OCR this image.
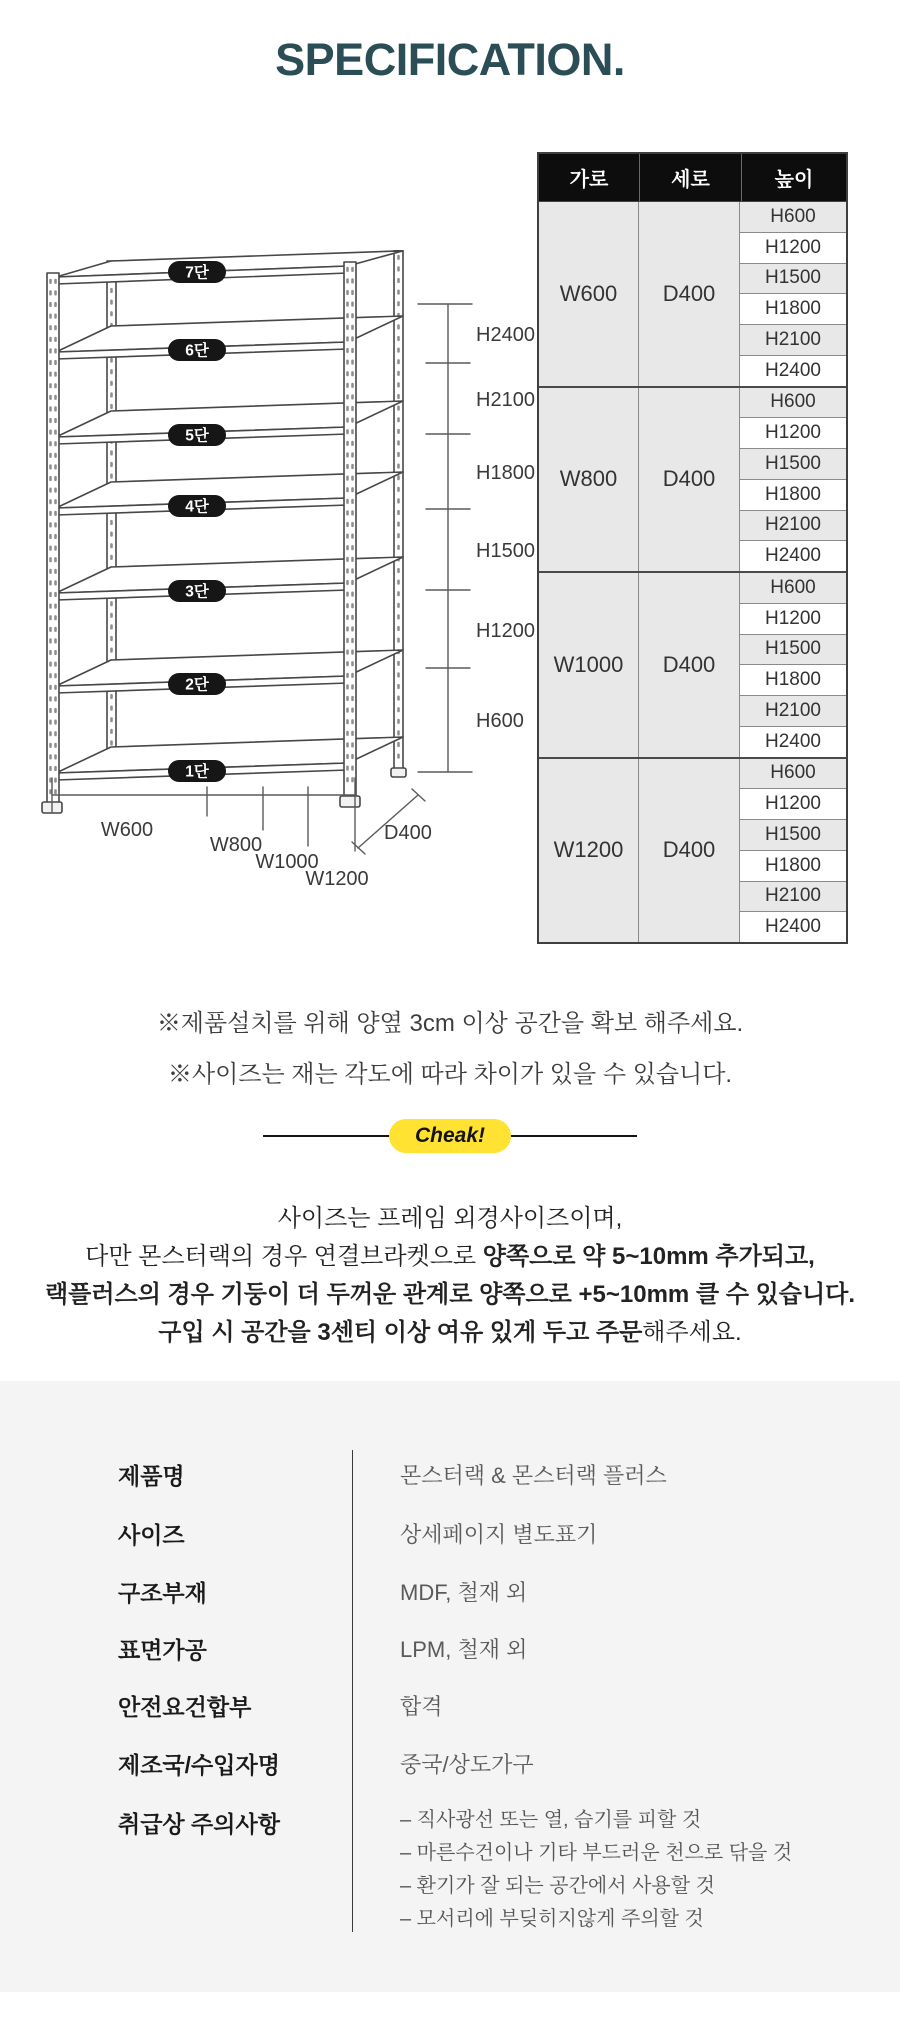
SPECIFICATION.
7단
6단
5단
4단
3단
2단
1단
H2400
H2100
H1800
H1500
H1200
H600
W600
W800
W1000
W1200
D400
가로	세로	높이
W600	D400
H600
H1200
H1500
H1800
H2100
H2400
W800	D400
H600
H1200
H1500
H1800
H2100
H2400
W1000	D400
H600
H1200
H1500
H1800
H2100
H2400
W1200	D400
H600
H1200
H1500
H1800
H2100
H2400
※제품설치를 위해 양옆 3cm 이상 공간을 확보 해주세요.
※사이즈는 재는 각도에 따라 차이가 있을 수 있습니다.
Cheak!
사이즈는 프레임 외경사이즈이며,
다만 몬스터랙의 경우 연결브라켓으로 양쪽으로 약 5~10mm 추가되고,
랙플러스의 경우 기둥이 더 두꺼운 관계로 양쪽으로 +5~10mm 클 수 있습니다.
구입 시 공간을 3센티 이상 여유 있게 두고 주문해주세요.
제품명	몬스터랙 & 몬스터랙 플러스
사이즈	상세페이지 별도표기
구조부재	MDF, 철재 외
표면가공	LPM, 철재 외
안전요건합부	합격
제조국/수입자명	중국/상도가구
취급상 주의사항	– 직사광선 또는 열, 습기를 피할 것
– 마른수건이나 기타 부드러운 천으로 닦을 것
– 환기가 잘 되는 공간에서 사용할 것
– 모서리에 부딪히지않게 주의할 것
